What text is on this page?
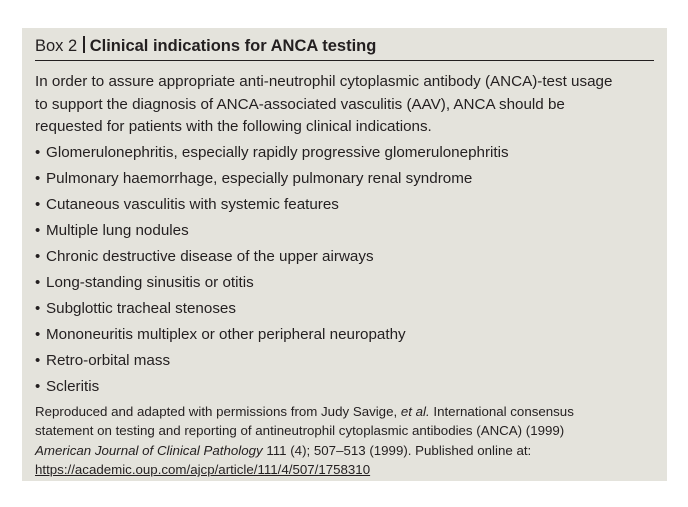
Box 2 Clinical indications for ANCA testing
In order to assure appropriate anti-neutrophil cytoplasmic antibody (ANCA)-test usage
to support the diagnosis of ANCA-associated vasculitis (AAV), ANCA should be
requested for patients with the following clinical indications.
• Glomerulonephritis, especially rapidly progressive glomerulonephritis
• Pulmonary haemorrhage, especially pulmonary renal syndrome
• Cutaneous vasculitis with systemic features
• Multiple lung nodules
• Chronic destructive disease of the upper airways
• Long-standing sinusitis or otitis
• Subglottic tracheal stenoses
• Mononeuritis multiplex or other peripheral neuropathy
• Retro-orbital mass
• Scleritis
Reproduced and adapted with permissions from Judy Savige, et al. International consensus
statement on testing and reporting of antineutrophil cytoplasmic antibodies (ANCA) (1999)
American Journal of Clinical Pathology 111 (4); 507–513 (1999). Published online at:
https://academic.oup.com/ajcp/article/111/4/507/1758310
